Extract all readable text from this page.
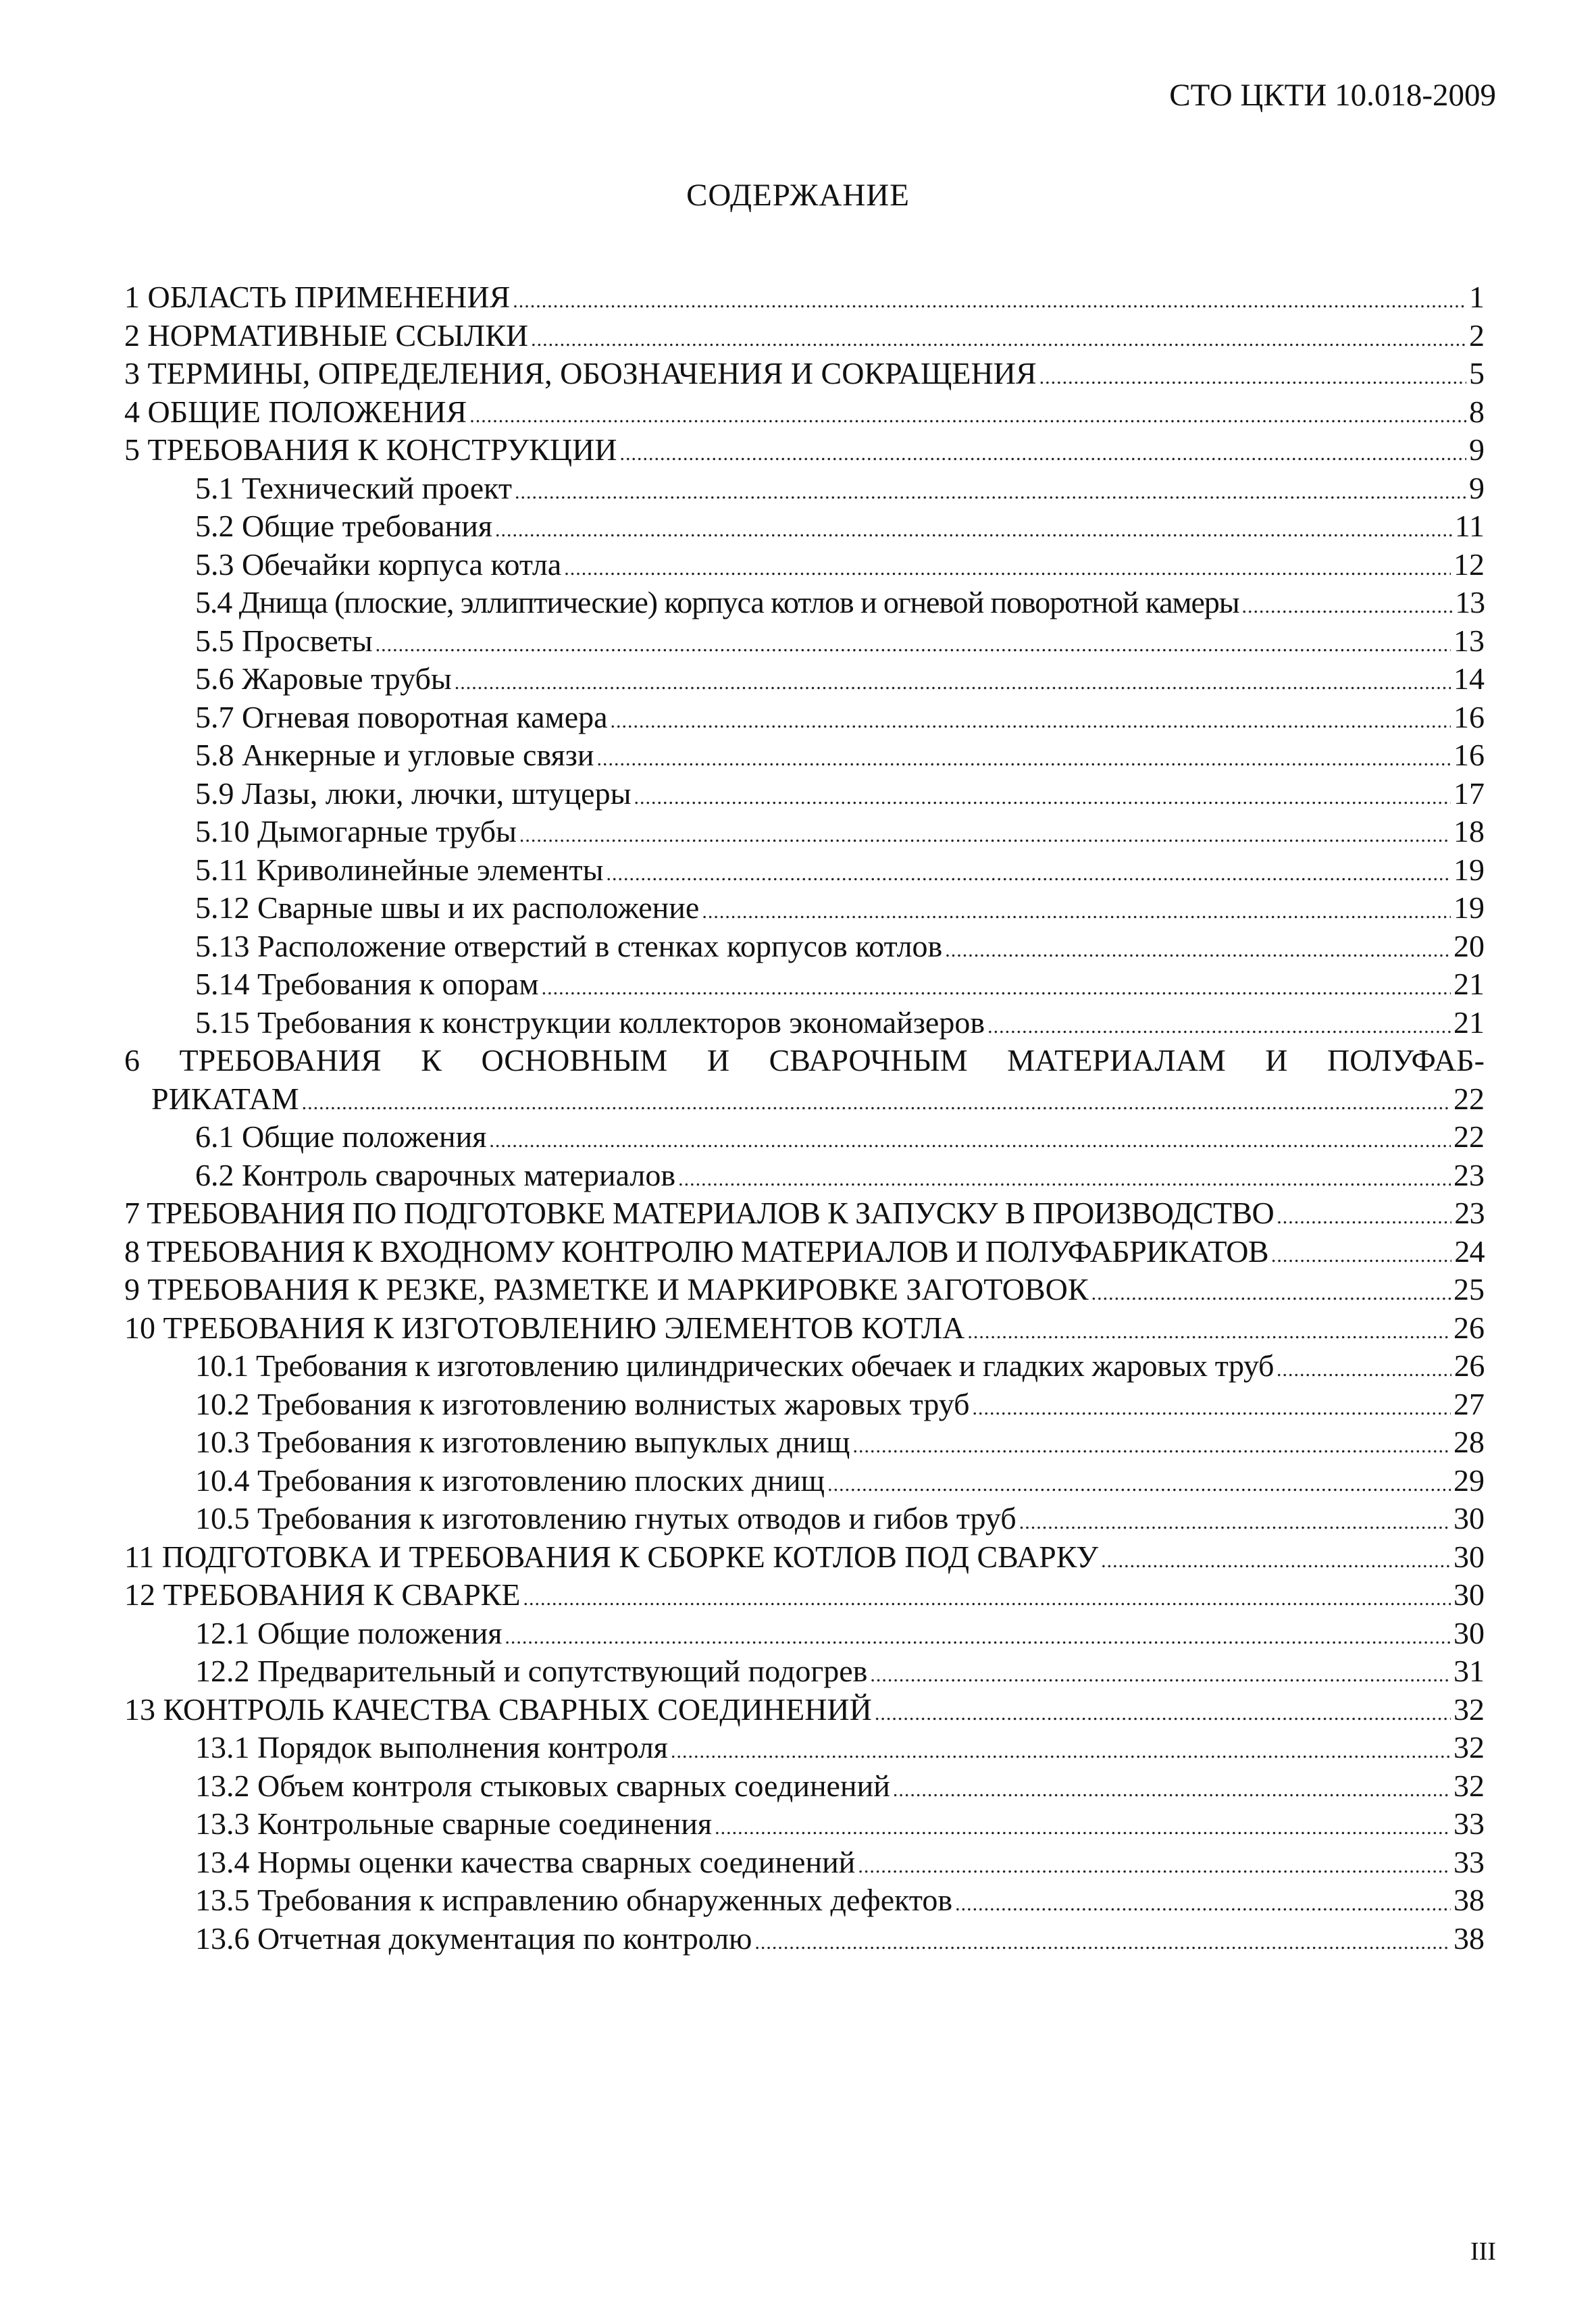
СТО ЦКТИ 10.018-2009
СОДЕРЖАНИЕ
1 ОБЛАСТЬ ПРИМЕНЕНИЯ .....	1
2 НОРМАТИВНЫЕ ССЫЛКИ .....	2
3 ТЕРМИНЫ, ОПРЕДЕЛЕНИЯ, ОБОЗНАЧЕНИЯ И СОКРАЩЕНИЯ .....	5
4 ОБЩИЕ ПОЛОЖЕНИЯ .....	8
5 ТРЕБОВАНИЯ К КОНСТРУКЦИИ .....	9
5.1 Технический проект .....	9
5.2 Общие требования .....	11
5.3 Обечайки корпуса котла .....	12
5.4 Днища (плоские, эллиптические) корпуса котлов и огневой поворотной камеры .....	13
5.5 Просветы .....	13
5.6 Жаровые трубы .....	14
5.7 Огневая поворотная камера .....	16
5.8 Анкерные и угловые связи .....	16
5.9 Лазы, люки, лючки, штуцеры .....	17
5.10 Дымогарные трубы .....	18
5.11 Криволинейные элементы .....	19
5.12 Сварные швы и их расположение .....	19
5.13 Расположение отверстий в стенках корпусов котлов .....	20
5.14 Требования к опорам .....	21
5.15 Требования к конструкции коллекторов экономайзеров .....	21
6 ТРЕБОВАНИЯ К ОСНОВНЫМ И СВАРОЧНЫМ МАТЕРИАЛАМ И ПОЛУФАБ-
РИКАТАМ .....	22
6.1 Общие положения .....	22
6.2 Контроль сварочных материалов .....	23
7 ТРЕБОВАНИЯ ПО ПОДГОТОВКЕ МАТЕРИАЛОВ К ЗАПУСКУ В ПРОИЗВОДСТВО .....	23
8 ТРЕБОВАНИЯ К ВХОДНОМУ КОНТРОЛЮ МАТЕРИАЛОВ И ПОЛУФАБРИКАТОВ .....	24
9 ТРЕБОВАНИЯ К РЕЗКЕ, РАЗМЕТКЕ И МАРКИРОВКЕ ЗАГОТОВОК .....	25
10 ТРЕБОВАНИЯ К ИЗГОТОВЛЕНИЮ ЭЛЕМЕНТОВ КОТЛА .....	26
10.1 Требования к изготовлению цилиндрических обечаек и гладких жаровых труб .....	26
10.2 Требования к изготовлению волнистых жаровых труб .....	27
10.3 Требования к изготовлению выпуклых днищ .....	28
10.4 Требования к изготовлению плоских днищ .....	29
10.5 Требования к изготовлению гнутых отводов и гибов труб .....	30
11 ПОДГОТОВКА И ТРЕБОВАНИЯ К СБОРКЕ КОТЛОВ ПОД СВАРКУ .....	30
12 ТРЕБОВАНИЯ К СВАРКЕ .....	30
12.1 Общие положения .....	30
12.2 Предварительный и сопутствующий подогрев .....	31
13 КОНТРОЛЬ КАЧЕСТВА СВАРНЫХ СОЕДИНЕНИЙ .....	32
13.1 Порядок выполнения контроля .....	32
13.2 Объем контроля стыковых сварных соединений .....	32
13.3 Контрольные сварные соединения .....	33
13.4 Нормы оценки качества сварных соединений .....	33
13.5 Требования к исправлению обнаруженных дефектов .....	38
13.6 Отчетная документация по контролю .....	38
III
